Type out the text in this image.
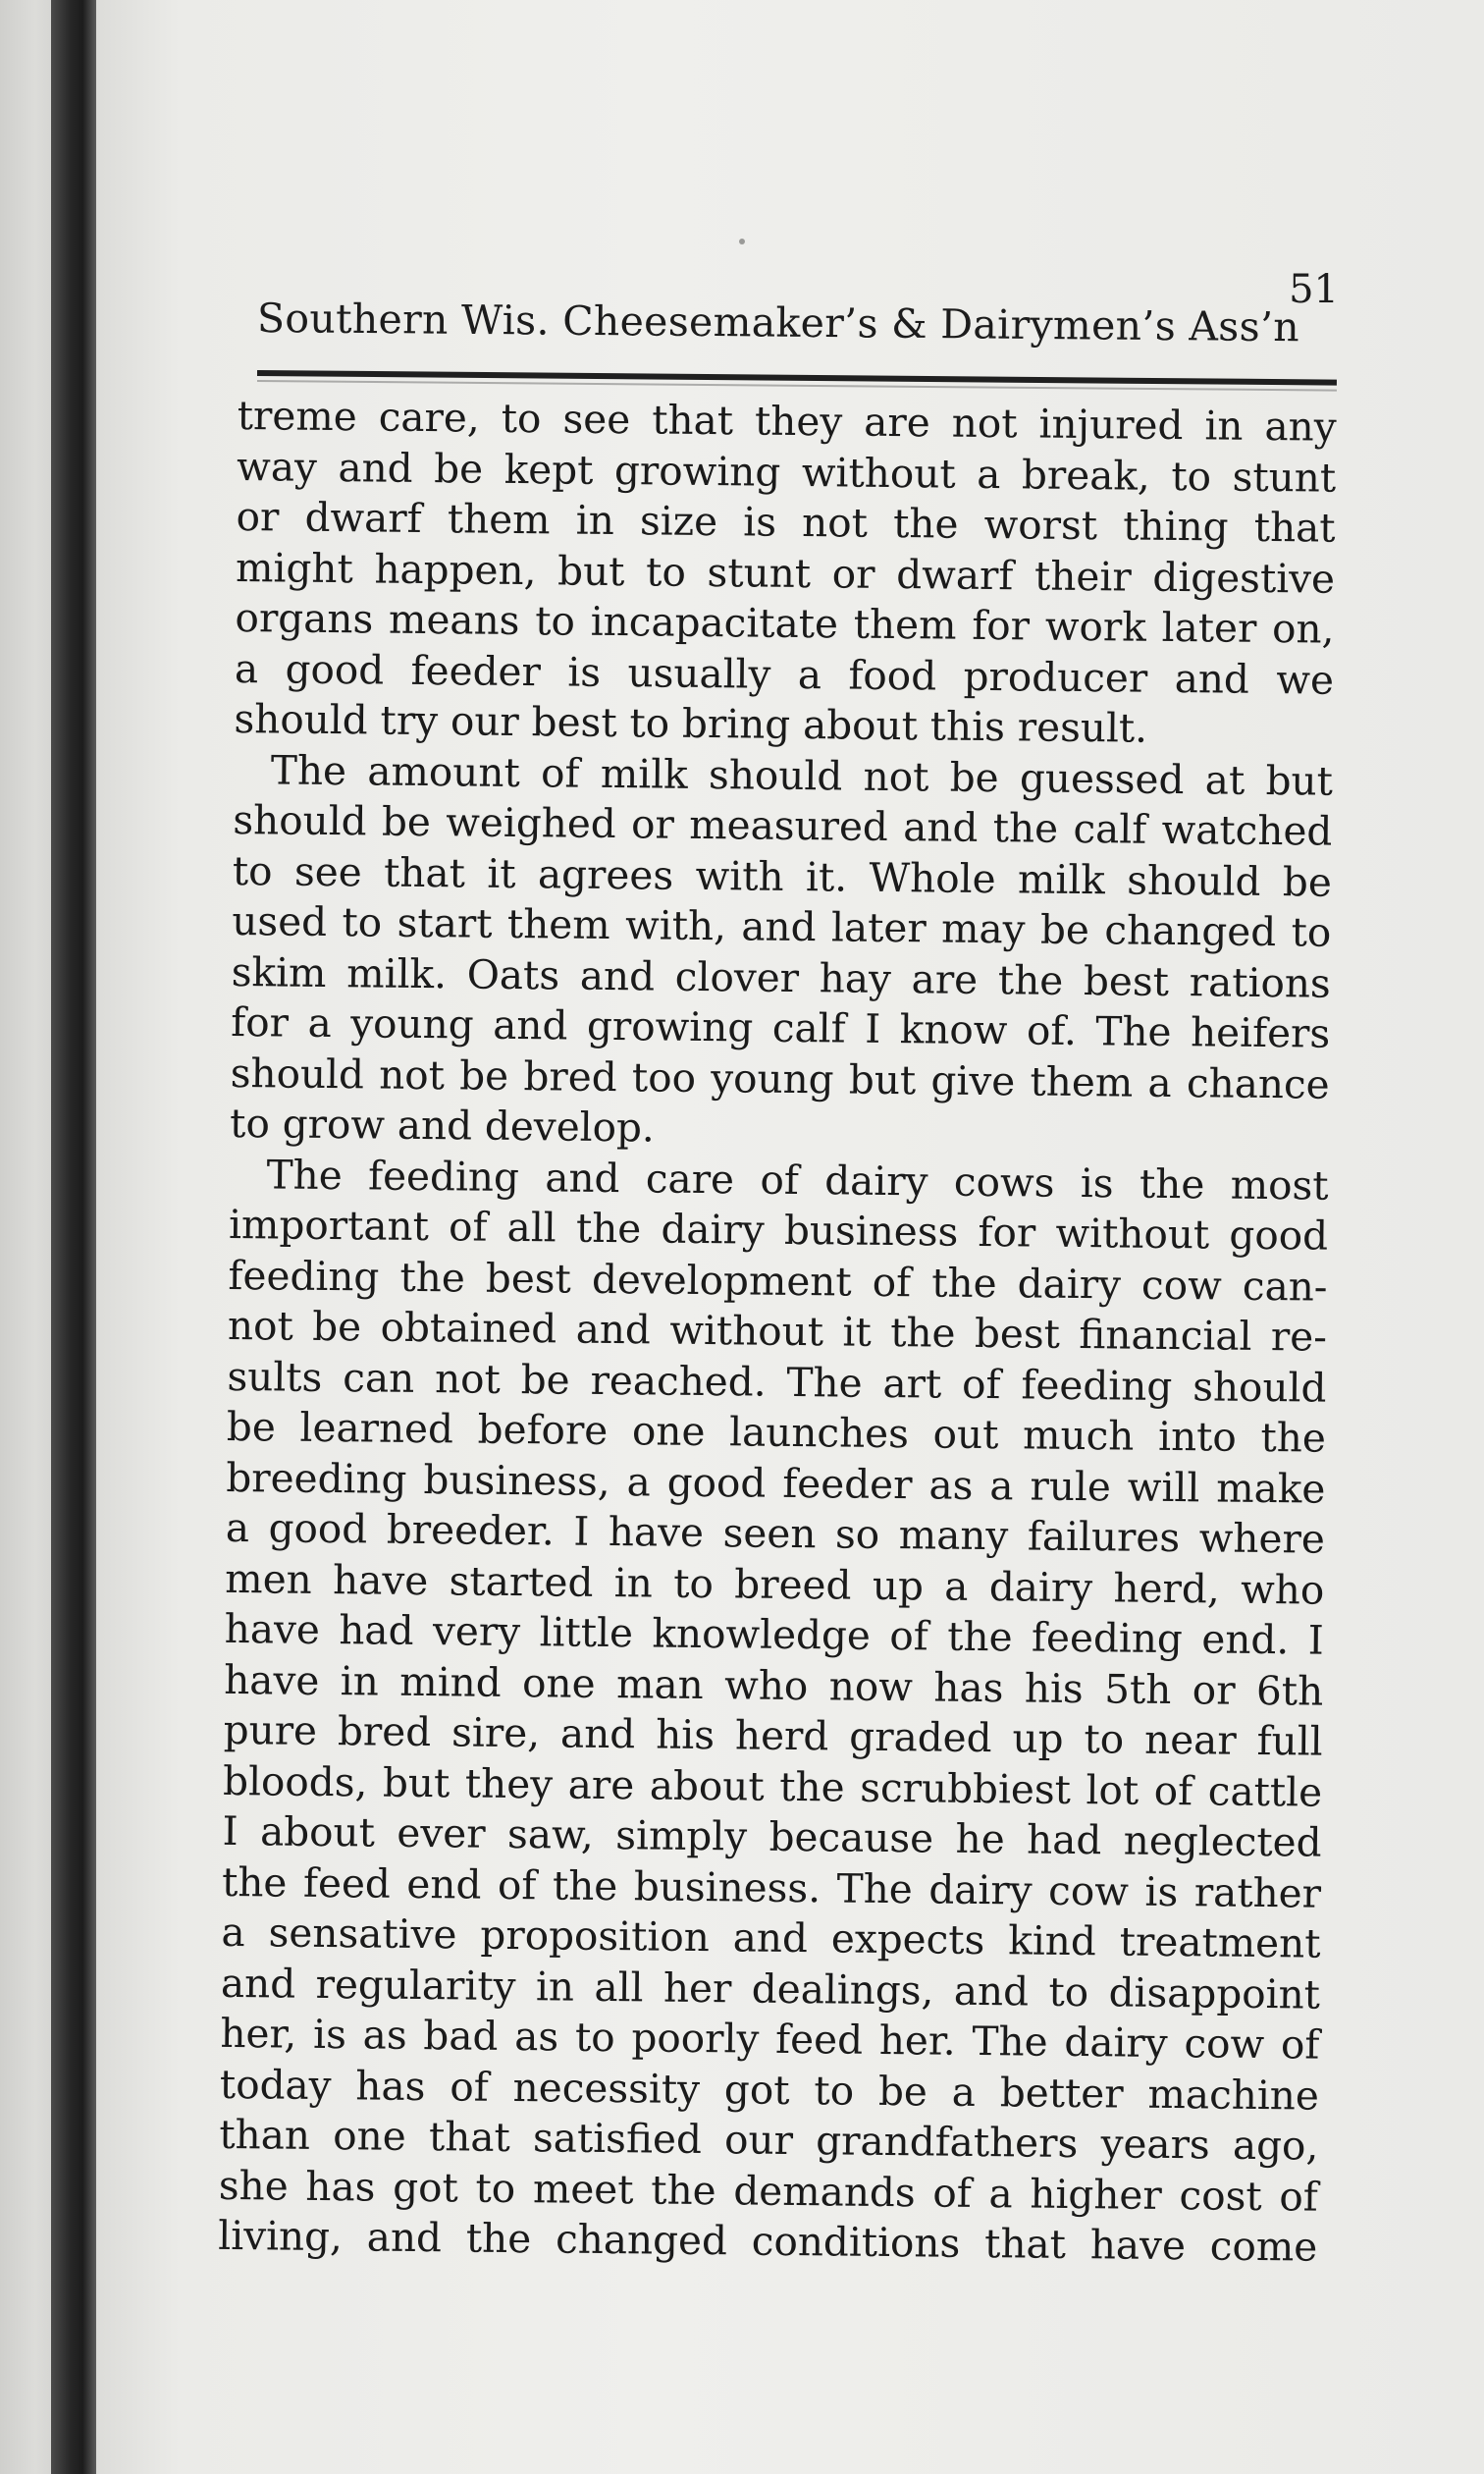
51
Southern Wis. Cheesemaker’s & Dairymen’s Ass’n
treme care, to see that they are not injured in any
way and be kept growing without a break, to stunt
or dwarf them in size is not the worst thing that
might happen, but to stunt or dwarf their digestive
organs means to incapacitate them for work later on,
a good feeder is usually a food producer and we
should try our best to bring about this result.
The amount of milk should not be guessed at but
should be weighed or measured and the calf watched
to see that it agrees with it. Whole milk should be
used to start them with, and later may be changed to
skim milk. Oats and clover hay are the best rations
for a young and growing calf I know of. The heifers
should not be bred too young but give them a chance
to grow and develop.
The feeding and care of dairy cows is the most
important of all the dairy business for without good
feeding the best development of the dairy cow can-
not be obtained and without it the best financial re-
sults can not be reached. The art of feeding should
be learned before one launches out much into the
breeding business, a good feeder as a rule will make
a good breeder. I have seen so many failures where
men have started in to breed up a dairy herd, who
have had very little knowledge of the feeding end. I
have in mind one man who now has his 5th or 6th
pure bred sire, and his herd graded up to near full
bloods, but they are about the scrubbiest lot of cattle
I about ever saw, simply because he had neglected
the feed end of the business. The dairy cow is rather
a sensative proposition and expects kind treatment
and regularity in all her dealings, and to disappoint
her, is as bad as to poorly feed her. The dairy cow of
today has of necessity got to be a better machine
than one that satisfied our grandfathers years ago,
she has got to meet the demands of a higher cost of
living, and the changed conditions that have come
